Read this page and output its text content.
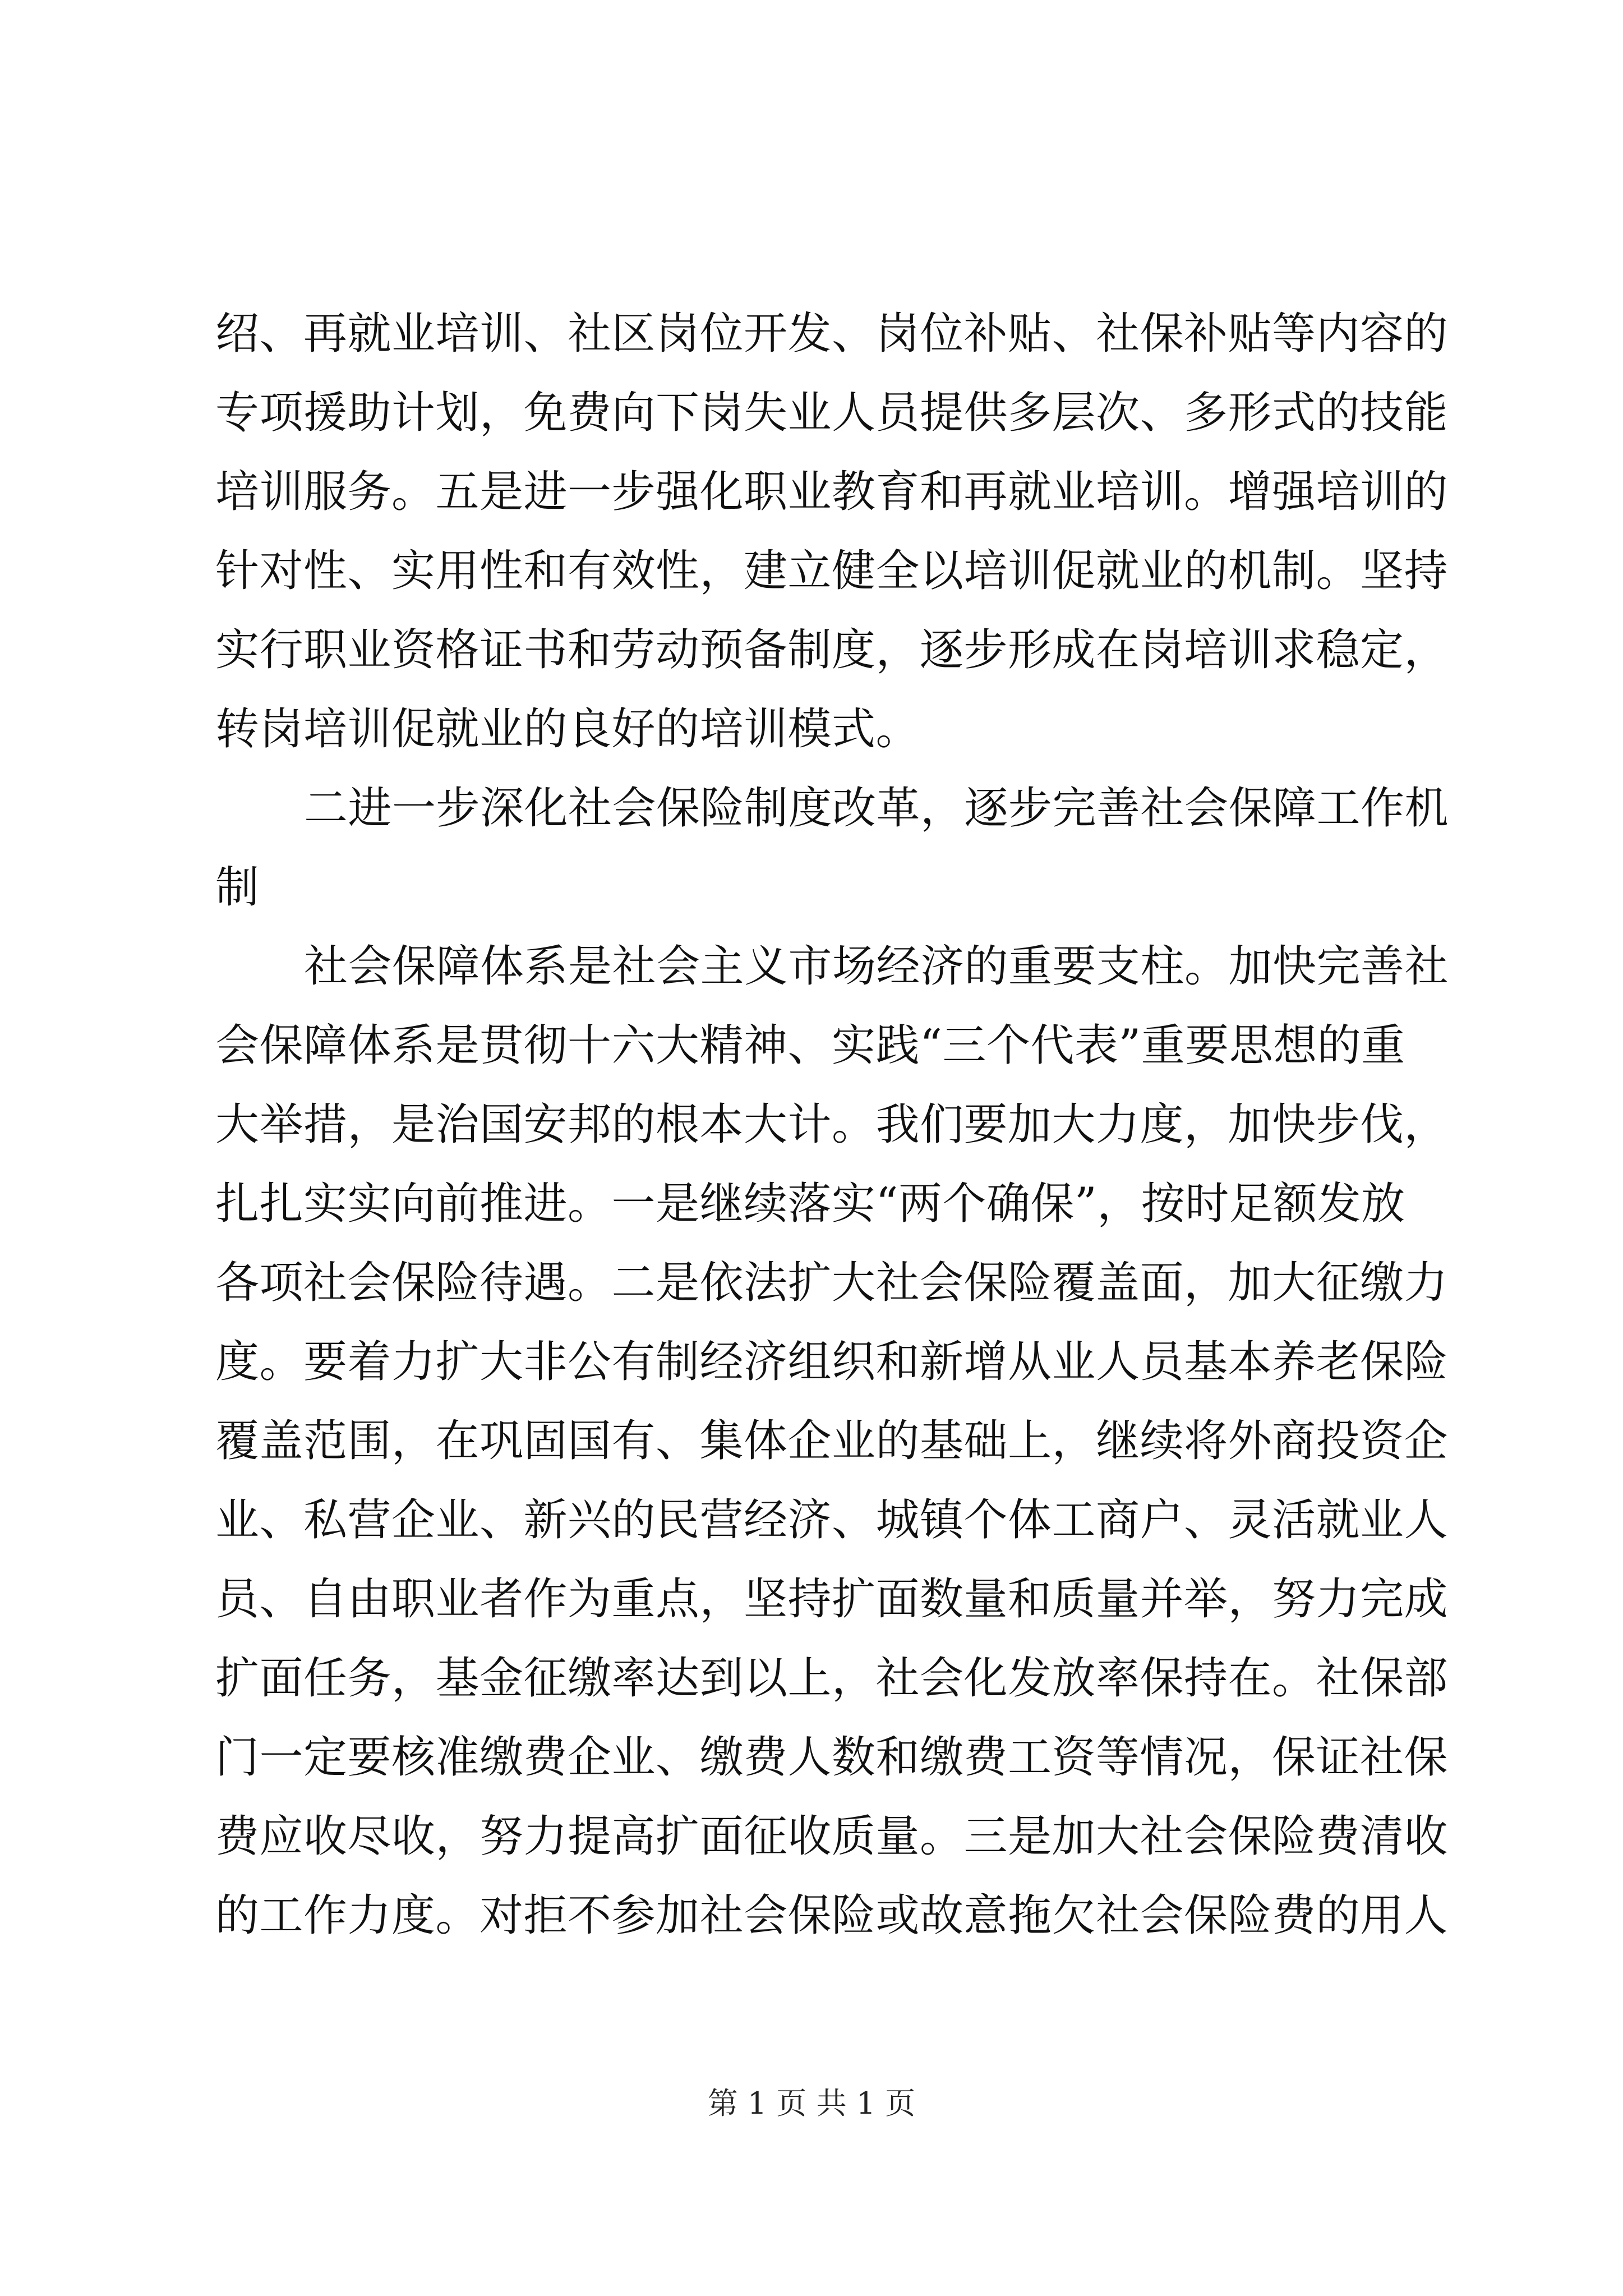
绍、再就业培训、社区岗位开发、岗位补贴、社保补贴等内容的
专项援助计划，免费向下岗失业人员提供多层次、多形式的技能
培训服务。五是进一步强化职业教育和再就业培训。增强培训的
针对性、实用性和有效性，建立健全以培训促就业的机制。坚持
实行职业资格证书和劳动预备制度，逐步形成在岗培训求稳定，
转岗培训促就业的良好的培训模式。
二进一步深化社会保险制度改革，逐步完善社会保障工作机
制
社会保障体系是社会主义市场经济的重要支柱。加快完善社
会保障体系是贯彻十六大精神、实践“三个代表”重要思想的重
大举措，是治国安邦的根本大计。我们要加大力度，加快步伐，
扎扎实实向前推进。一是继续落实“两个确保”，按时足额发放
各项社会保险待遇。二是依法扩大社会保险覆盖面，加大征缴力
度。要着力扩大非公有制经济组织和新增从业人员基本养老保险
覆盖范围，在巩固国有、集体企业的基础上，继续将外商投资企
业、私营企业、新兴的民营经济、城镇个体工商户、灵活就业人
员、自由职业者作为重点，坚持扩面数量和质量并举，努力完成
扩面任务，基金征缴率达到以上，社会化发放率保持在。社保部
门一定要核准缴费企业、缴费人数和缴费工资等情况，保证社保
费应收尽收，努力提高扩面征收质量。三是加大社会保险费清收
的工作力度。对拒不参加社会保险或故意拖欠社会保险费的用人
第 1 页 共 1 页
